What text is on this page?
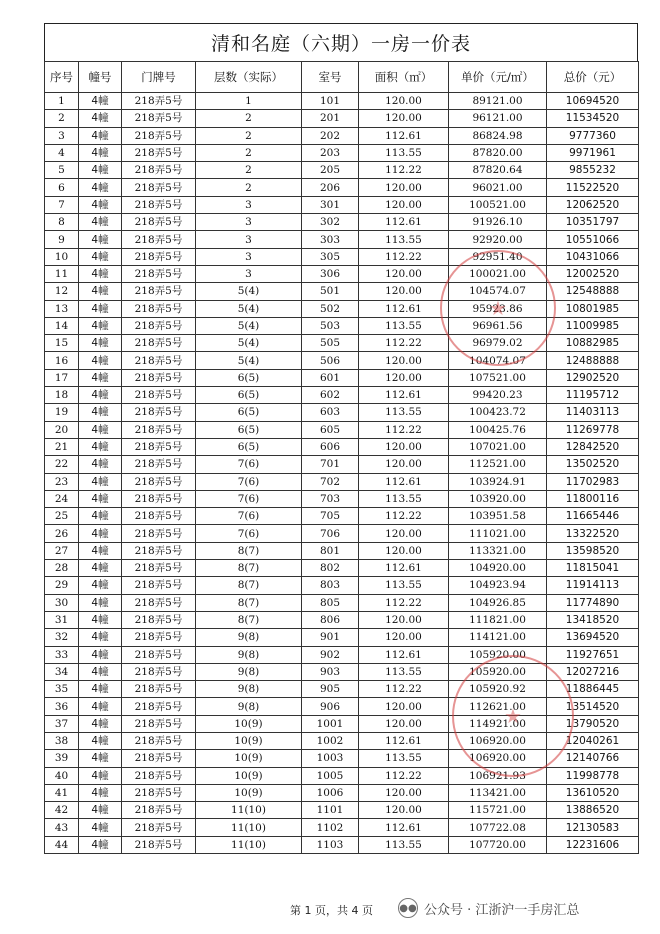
清和名庭（六期）一房一价表
序号	幢号	门牌号	层数（实际）	室号	面积（㎡）	单价（元/㎡）	总价（元）
1	4幢	218弄5号	1	101	120.00	89121.00	10694520
2	4幢	218弄5号	2	201	120.00	96121.00	11534520
3	4幢	218弄5号	2	202	112.61	86824.98	9777360
4	4幢	218弄5号	2	203	113.55	87820.00	9971961
5	4幢	218弄5号	2	205	112.22	87820.64	9855232
6	4幢	218弄5号	2	206	120.00	96021.00	11522520
7	4幢	218弄5号	3	301	120.00	100521.00	12062520
8	4幢	218弄5号	3	302	112.61	91926.10	10351797
9	4幢	218弄5号	3	303	113.55	92920.00	10551066
10	4幢	218弄5号	3	305	112.22	92951.40	10431066
11	4幢	218弄5号	3	306	120.00	100021.00	12002520
12	4幢	218弄5号	5(4)	501	120.00	104574.07	12548888
13	4幢	218弄5号	5(4)	502	112.61	95923.86	10801985
14	4幢	218弄5号	5(4)	503	113.55	96961.56	11009985
15	4幢	218弄5号	5(4)	505	112.22	96979.02	10882985
16	4幢	218弄5号	5(4)	506	120.00	104074.07	12488888
17	4幢	218弄5号	6(5)	601	120.00	107521.00	12902520
18	4幢	218弄5号	6(5)	602	112.61	99420.23	11195712
19	4幢	218弄5号	6(5)	603	113.55	100423.72	11403113
20	4幢	218弄5号	6(5)	605	112.22	100425.76	11269778
21	4幢	218弄5号	6(5)	606	120.00	107021.00	12842520
22	4幢	218弄5号	7(6)	701	120.00	112521.00	13502520
23	4幢	218弄5号	7(6)	702	112.61	103924.91	11702983
24	4幢	218弄5号	7(6)	703	113.55	103920.00	11800116
25	4幢	218弄5号	7(6)	705	112.22	103951.58	11665446
26	4幢	218弄5号	7(6)	706	120.00	111021.00	13322520
27	4幢	218弄5号	8(7)	801	120.00	113321.00	13598520
28	4幢	218弄5号	8(7)	802	112.61	104920.00	11815041
29	4幢	218弄5号	8(7)	803	113.55	104923.94	11914113
30	4幢	218弄5号	8(7)	805	112.22	104926.85	11774890
31	4幢	218弄5号	8(7)	806	120.00	111821.00	13418520
32	4幢	218弄5号	9(8)	901	120.00	114121.00	13694520
33	4幢	218弄5号	9(8)	902	112.61	105920.00	11927651
34	4幢	218弄5号	9(8)	903	113.55	105920.00	12027216
35	4幢	218弄5号	9(8)	905	112.22	105920.92	11886445
36	4幢	218弄5号	9(8)	906	120.00	112621.00	13514520
37	4幢	218弄5号	10(9)	1001	120.00	114921.00	13790520
38	4幢	218弄5号	10(9)	1002	112.61	106920.00	12040261
39	4幢	218弄5号	10(9)	1003	113.55	106920.00	12140766
40	4幢	218弄5号	10(9)	1005	112.22	106921.93	11998778
41	4幢	218弄5号	10(9)	1006	120.00	113421.00	13610520
42	4幢	218弄5号	11(10)	1101	120.00	115721.00	13886520
43	4幢	218弄5号	11(10)	1102	112.61	107722.08	12130583
44	4幢	218弄5号	11(10)	1103	113.55	107720.00	12231606
★
★
第 1 页，共 4 页	●● 公众号 · 江浙沪一手房汇总
